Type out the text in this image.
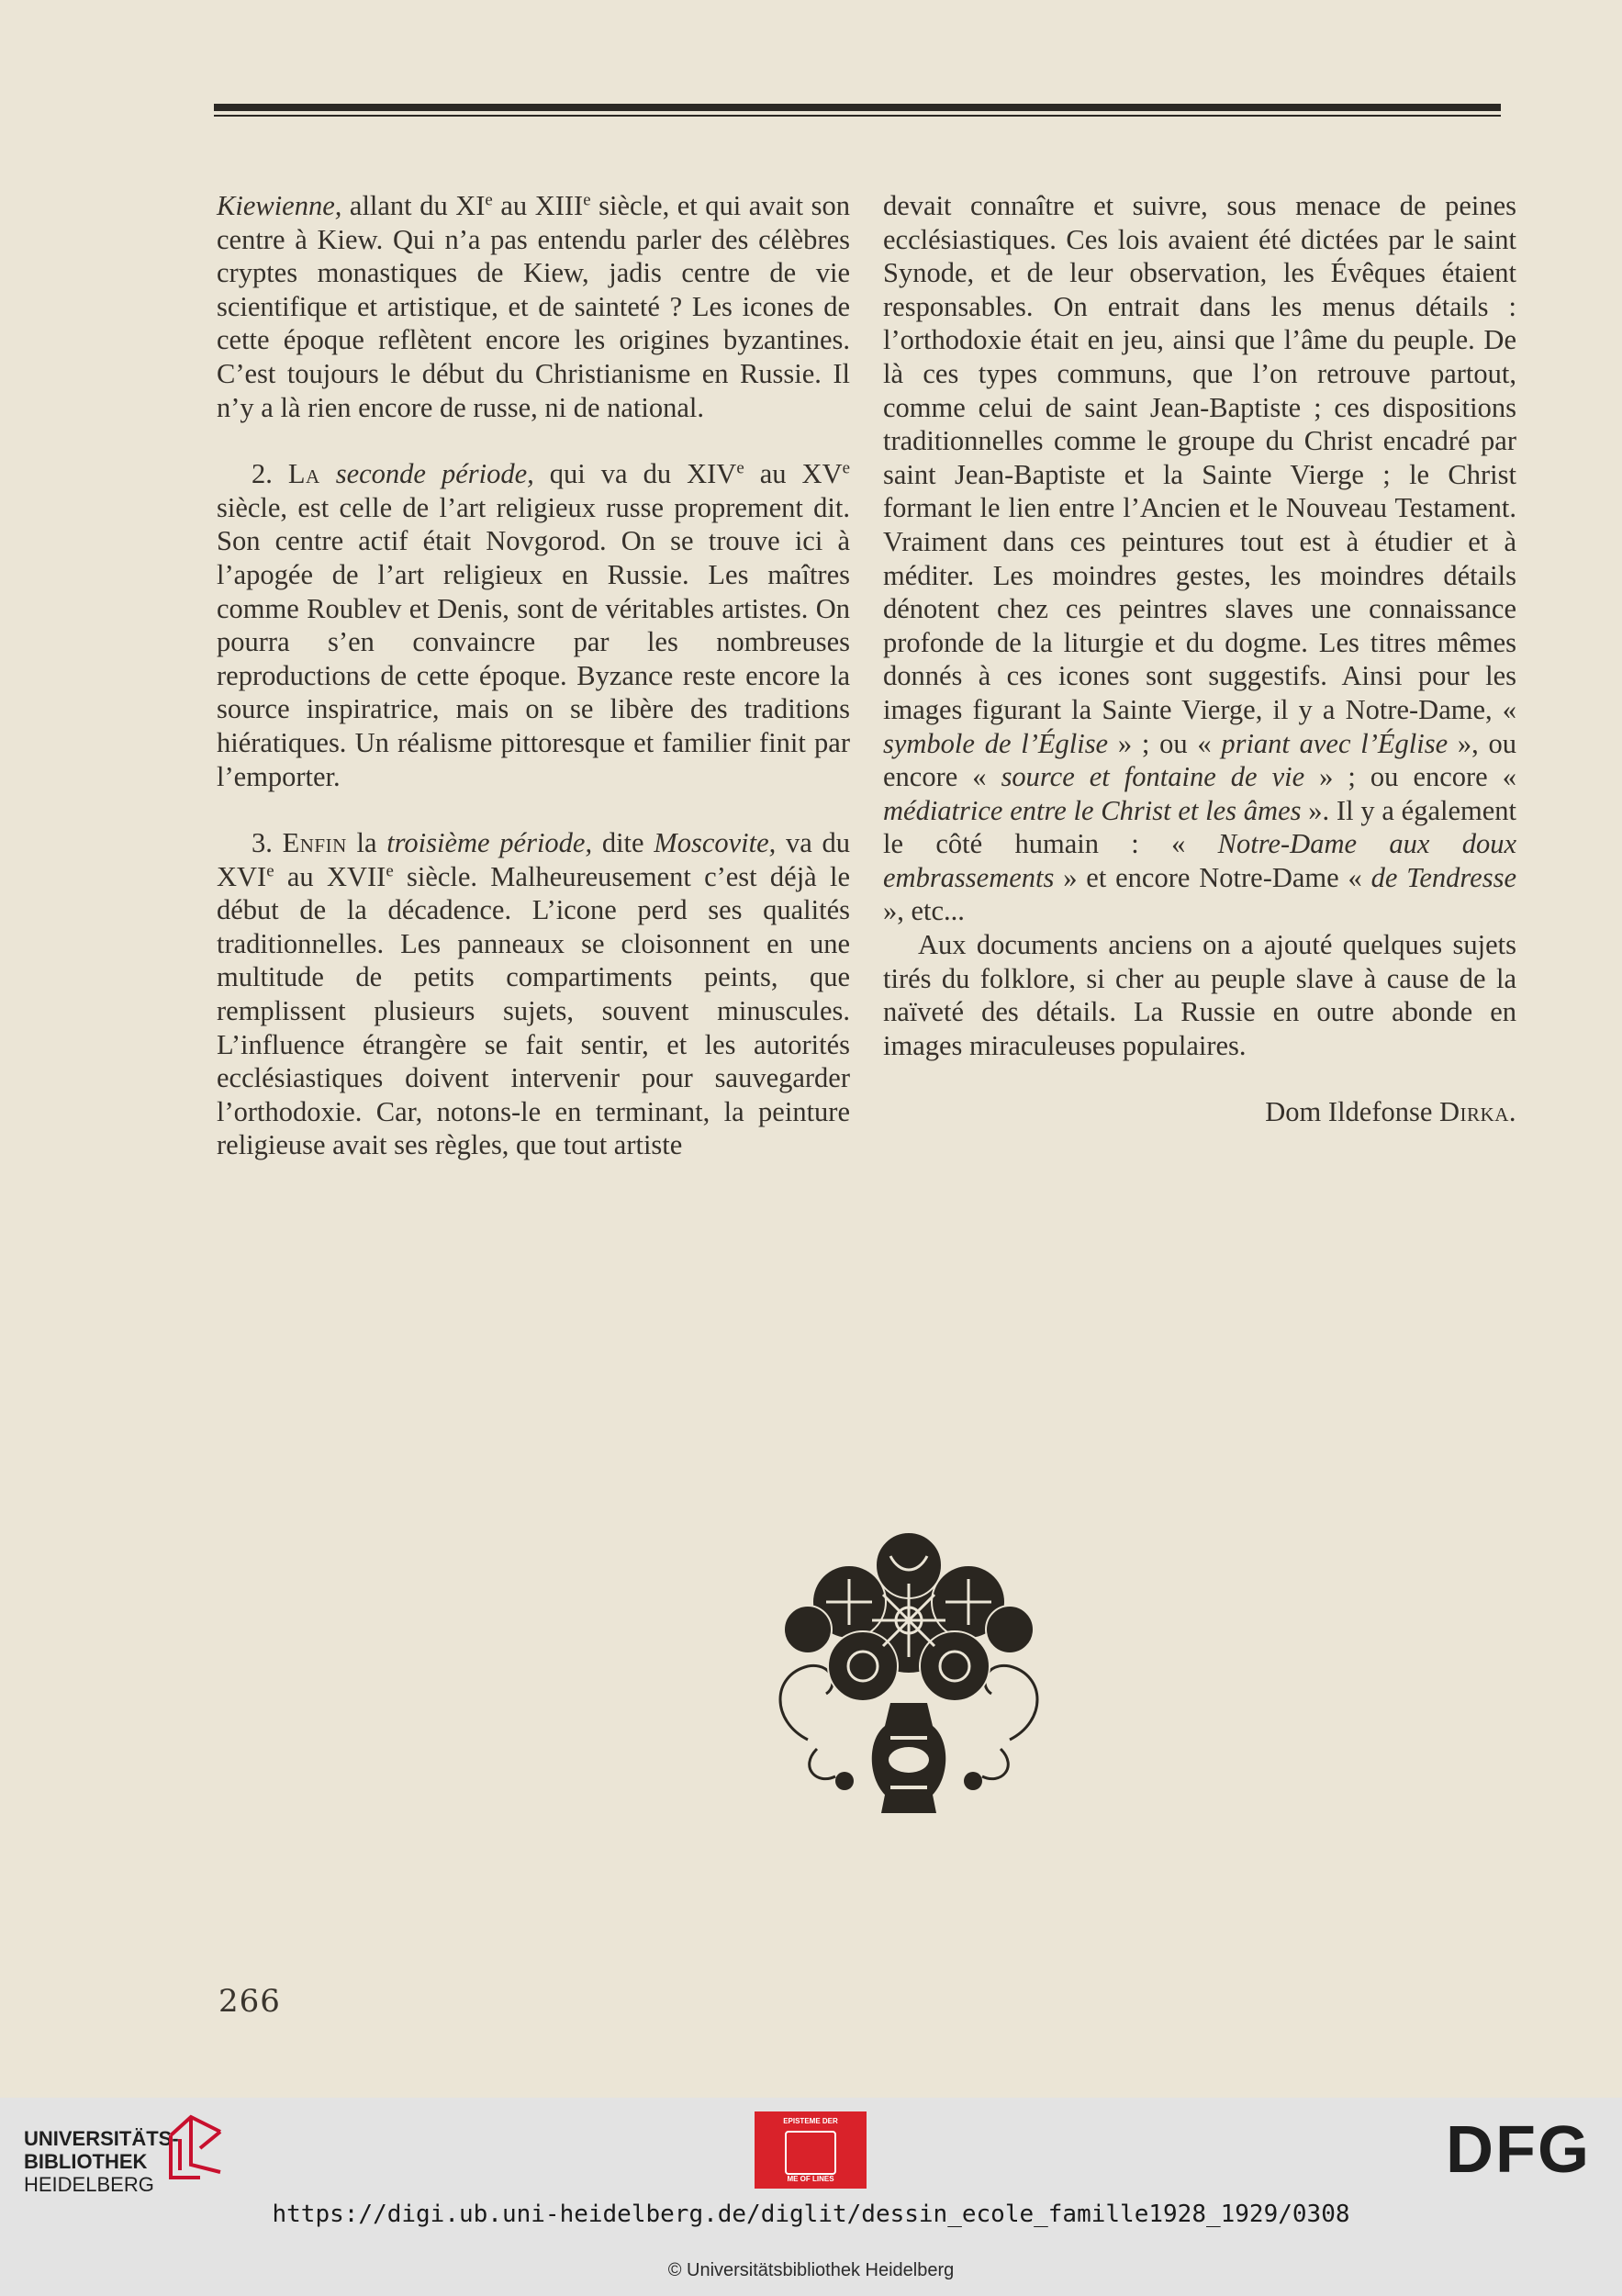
Kiewienne, allant du XIe au XIIIe siècle, et qui avait son centre à Kiew. Qui n’a pas entendu parler des célèbres cryptes monastiques de Kiew, jadis centre de vie scientifique et artistique, et de sainteté ? Les icones de cette époque reflètent encore les origines byzantines. C’est toujours le début du Christianisme en Russie. Il n’y a là rien encore de russe, ni de national.

2. La seconde période, qui va du XIVe au XVe siècle, est celle de l’art religieux russe proprement dit. Son centre actif était Novgorod. On se trouve ici à l’apogée de l’art religieux en Russie. Les maîtres comme Roublev et Denis, sont de véritables artistes. On pourra s’en convaincre par les nombreuses reproductions de cette époque. Byzance reste encore la source inspiratrice, mais on se libère des traditions hiératiques. Un réalisme pittoresque et familier finit par l’emporter.

3. Enfin la troisième période, dite Moscovite, va du XVIe au XVIIe siècle. Malheureusement c’est déjà le début de la décadence. L’icone perd ses qualités traditionnelles. Les panneaux se cloisonnent en une multitude de petits compartiments peints, que remplissent plusieurs sujets, souvent minuscules. L’influence étrangère se fait sentir, et les autorités ecclésiastiques doivent intervenir pour sauvegarder l’orthodoxie. Car, notons-le en terminant, la peinture religieuse avait ses règles, que tout artiste

devait connaître et suivre, sous menace de peines ecclésiastiques. Ces lois avaient été dictées par le saint Synode, et de leur observation, les Évêques étaient responsables. On entrait dans les menus détails : l’orthodoxie était en jeu, ainsi que l’âme du peuple. De là ces types communs, que l’on retrouve partout, comme celui de saint Jean-Baptiste ; ces dispositions traditionnelles comme le groupe du Christ encadré par saint Jean-Baptiste et la Sainte Vierge ; le Christ formant le lien entre l’Ancien et le Nouveau Testament. Vraiment dans ces peintures tout est à étudier et à méditer. Les moindres gestes, les moindres détails dénotent chez ces peintres slaves une connaissance profonde de la liturgie et du dogme. Les titres mêmes donnés à ces icones sont suggestifs. Ainsi pour les images figurant la Sainte Vierge, il y a Notre-Dame, « symbole de l’Église » ; ou « priant avec l’Église », ou encore « source et fontaine de vie » ; ou encore « médiatrice entre le Christ et les âmes ». Il y a également le côté humain : « Notre-Dame aux doux embrassements » et encore Notre-Dame « de Tendresse », etc...

Aux documents anciens on a ajouté quelques sujets tirés du folklore, si cher au peuple slave à cause de la naïveté des détails. La Russie en outre abonde en images miraculeuses populaires.

Dom Ildefonse Dirka.

266
UNIVERSITÄTS-
BIBLIOTHEK
HEIDELBERG
EPISTEME DER
ME OF LINES	DFG
https://digi.ub.uni-heidelberg.de/diglit/dessin_ecole_famille1928_1929/0308
© Universitätsbibliothek Heidelberg
